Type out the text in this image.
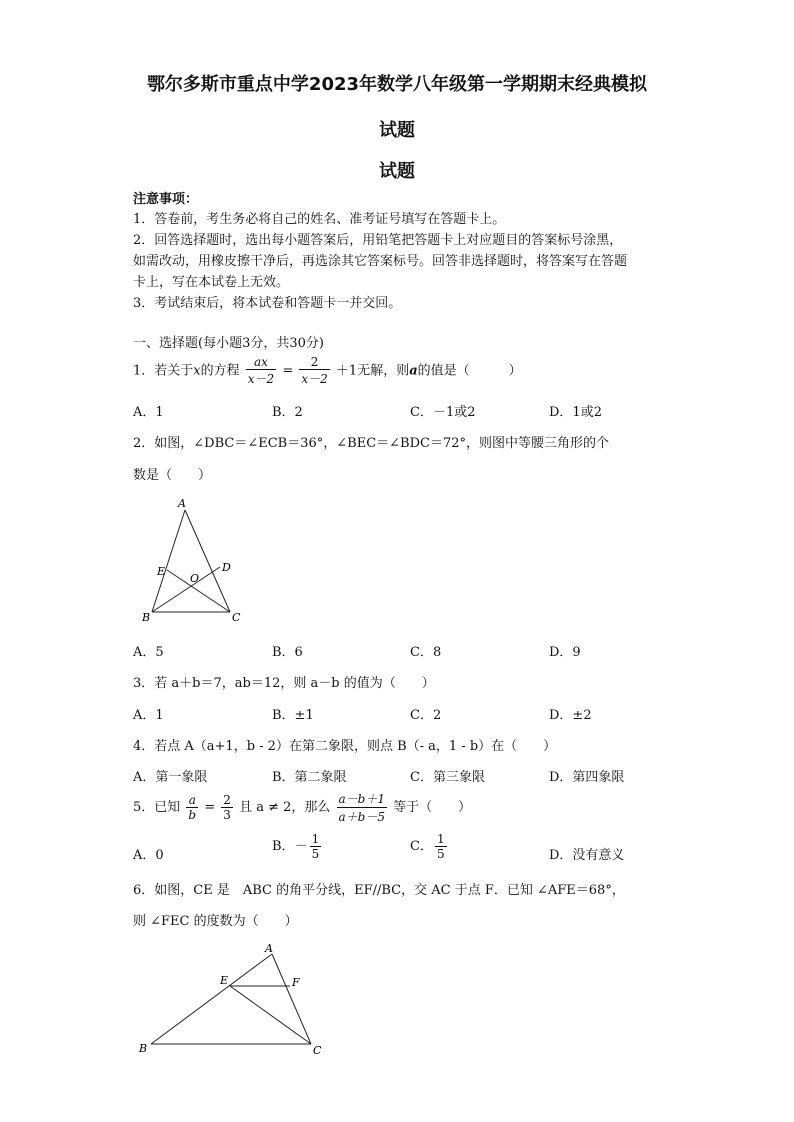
鄂尔多斯市重点中学2023年数学八年级第一学期期末经典模拟
试题
试题
注意事项：
1．答卷前，考生务必将自己的姓名、准考证号填写在答题卡上。
2．回答选择题时，选出每小题答案后，用铅笔把答题卡上对应题目的答案标号涂黑，
如需改动，用橡皮擦干净后，再选涂其它答案标号。回答非选择题时，将答案写在答题
卡上，写在本试卷上无效。
3．考试结束后，将本试卷和答题卡一并交回。
一、选择题(每小题3分，共30分)
1．若关于x的方程 $\frac{ax}{x-2} = \frac{2}{x-2} +1$无解，则a的值是（　　　）
A．1	B．2	C．－1或2	D．1或2
2．如图，∠DBC＝∠ECB＝36°，∠BEC＝∠BDC＝72°，则图中等腰三角形的个
数是（　　）
A
B	C
D
E
O
A．5	B．6	C．8	D．9
3．若 a＋b＝7，ab＝12，则 a－b 的值为（　　）
A．1	B．±1	C．2	D．±2
4．若点 A（a+1，b - 2）在第二象限，则点 B（- a，1 - b）在（　　）
A．第一象限	B．第二象限	C．第三象限	D．第四象限
5．已知 $\frac{a}{b} = \frac{2}{3}$ 且 a ≠ 2，那么 $\frac{a-b+1}{a+b-5}$ 等于（　　）
A．0
B．－ $\frac{1}{5}$	C． $\frac{1}{5}$	D．没有意义
6．如图，CE 是　ABC 的角平分线，EF//BC，交 AC 于点 F．已知 ∠AFE＝68°，
则 ∠FEC 的度数为（　　）
A
B	C
E	F
